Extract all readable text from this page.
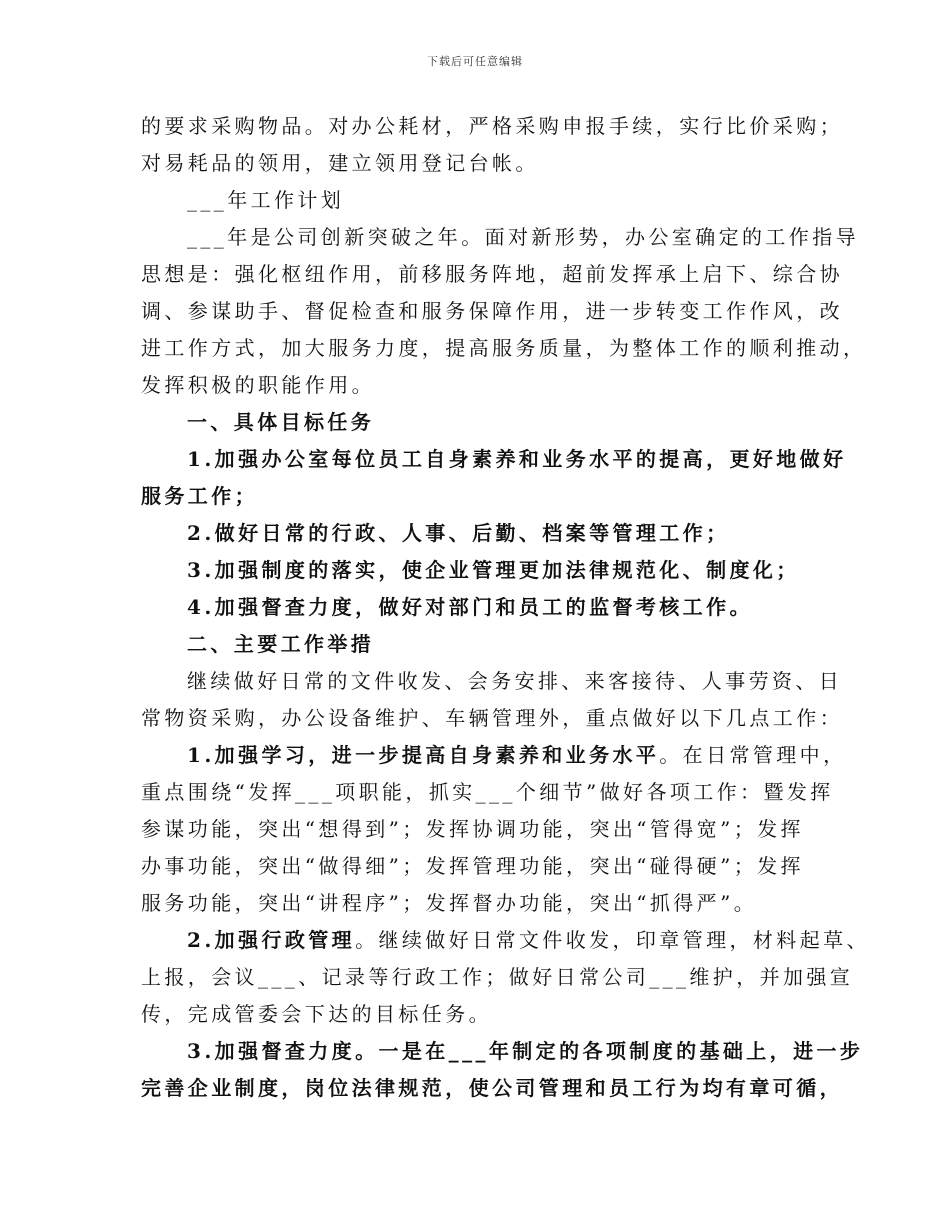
下载后可任意编辑

的要求采购物品。对办公耗材，严格采购申报手续，实行比价采购；

对易耗品的领用，建立领用登记台帐。

___年工作计划

___年是公司创新突破之年。面对新形势，办公室确定的工作指导

思想是：强化枢纽作用，前移服务阵地，超前发挥承上启下、综合协

调、参谋助手、督促检查和服务保障作用，进一步转变工作作风，改

进工作方式，加大服务力度，提高服务质量，为整体工作的顺利推动，

发挥积极的职能作用。

一、具体目标任务

1.加强办公室每位员工自身素养和业务水平的提高，更好地做好

服务工作；

2.做好日常的行政、人事、后勤、档案等管理工作；

3.加强制度的落实，使企业管理更加法律规范化、制度化；

4.加强督查力度，做好对部门和员工的监督考核工作。

二、主要工作举措

继续做好日常的文件收发、会务安排、来客接待、人事劳资、日

常物资采购，办公设备维护、车辆管理外，重点做好以下几点工作：

1.加强学习，进一步提高自身素养和业务水平。在日常管理中，

重点围绕“发挥___项职能，抓实___个细节”做好各项工作：暨发挥

参谋功能，突出“想得到”；发挥协调功能，突出“管得宽”；发挥

办事功能，突出“做得细”；发挥管理功能，突出“碰得硬”；发挥

服务功能，突出“讲程序”；发挥督办功能，突出“抓得严”。

2.加强行政管理。继续做好日常文件收发，印章管理，材料起草、

上报，会议___、记录等行政工作；做好日常公司___维护，并加强宣

传，完成管委会下达的目标任务。

3.加强督查力度。一是在___年制定的各项制度的基础上，进一步

完善企业制度，岗位法律规范，使公司管理和员工行为均有章可循，
